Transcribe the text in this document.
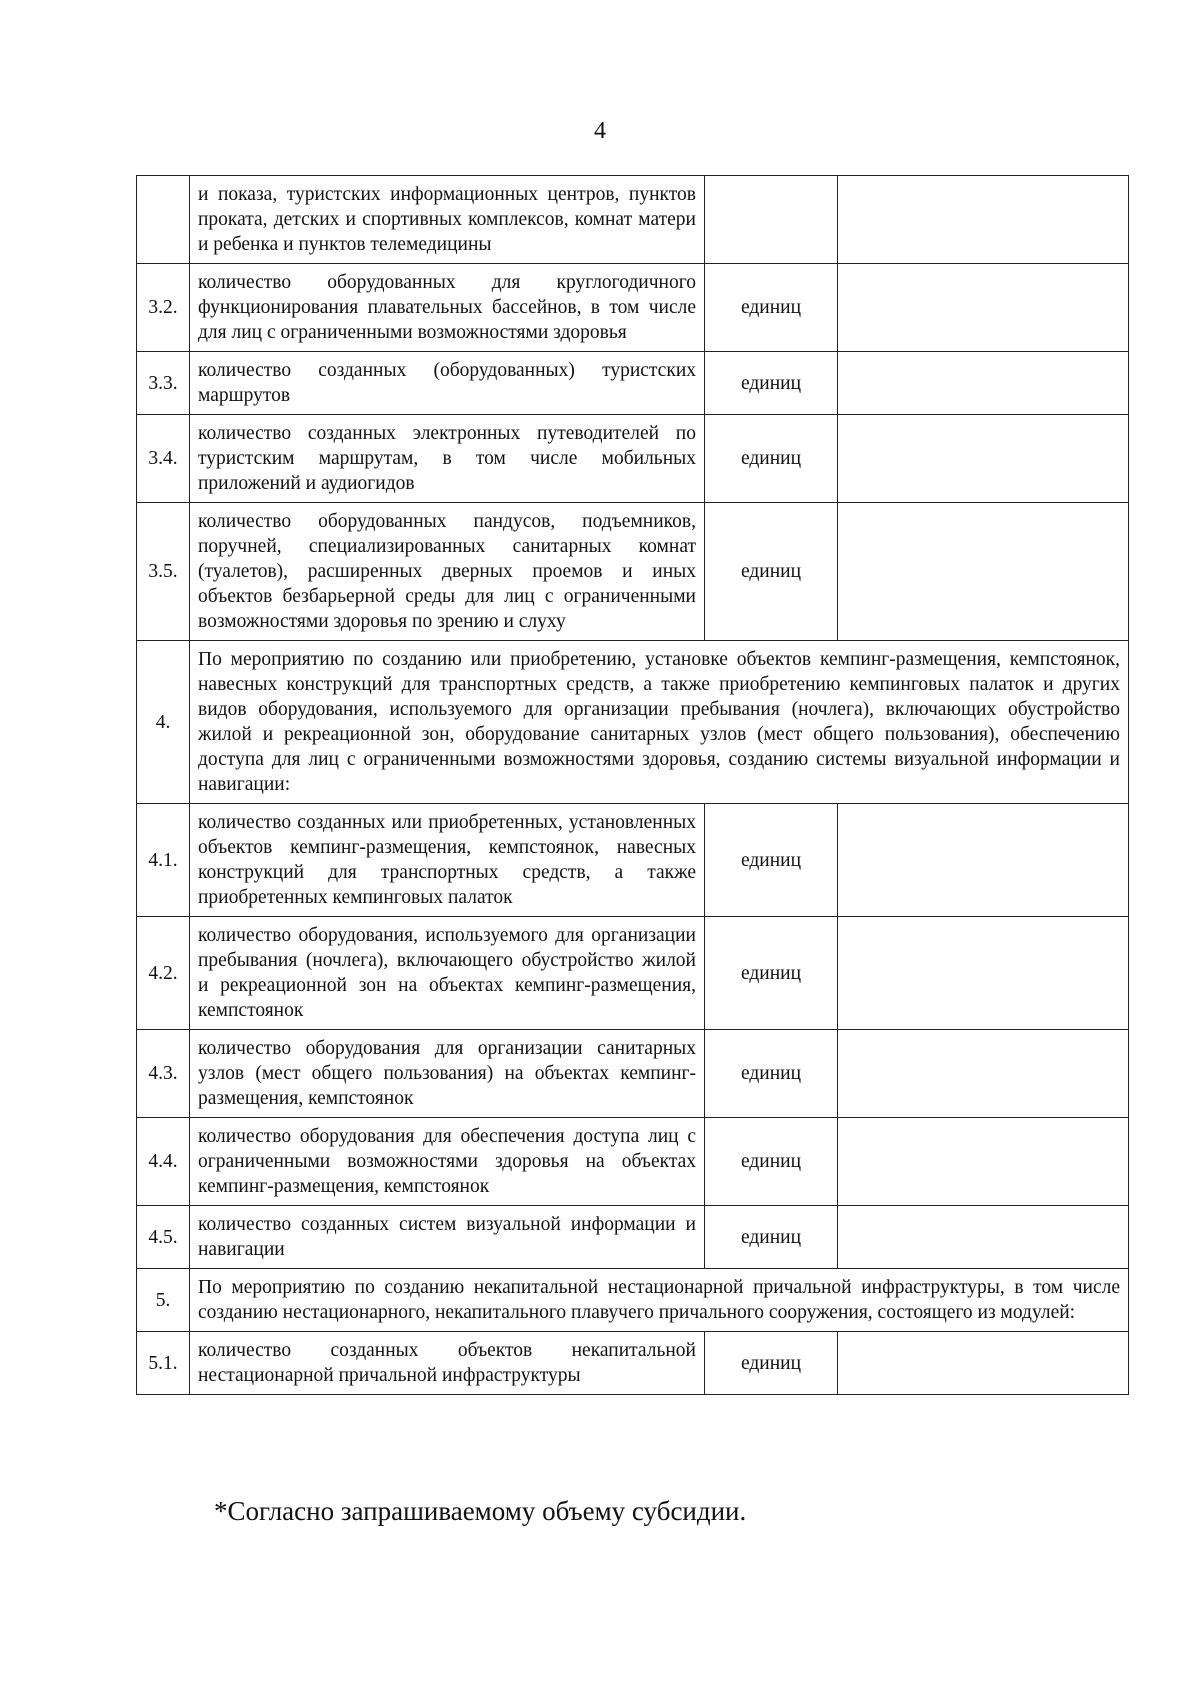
4
	и показа, туристских информационных центров, пунктов проката, детских и спортивных комплексов, комнат матери и ребенка и пунктов телемедицины		
3.2.	количество оборудованных для круглогодичного функционирования плавательных бассейнов, в том числе для лиц с ограниченными возможностями здоровья	единиц	
3.3.	количество созданных (оборудованных) туристских маршрутов	единиц	
3.4.	количество созданных электронных путеводителей по туристским маршрутам, в том числе мобильных приложений и аудиогидов	единиц	
3.5.	количество оборудованных пандусов, подъемников, поручней, специализированных санитарных комнат (туалетов), расширенных дверных проемов и иных объектов безбарьерной среды для лиц с ограниченными возможностями здоровья по зрению и слуху	единиц	
4.	По мероприятию по созданию или приобретению, установке объектов кемпинг-размещения, кемпстоянок, навесных конструкций для транспортных средств, а также приобретению кемпинговых палаток и других видов оборудования, используемого для организации пребывания (ночлега), включающих обустройство жилой и рекреационной зон, оборудование санитарных узлов (мест общего пользования), обеспечению доступа для лиц с ограниченными возможностями здоровья, созданию системы визуальной информации и навигации:		
4.1.	количество созданных или приобретенных, установленных объектов кемпинг-размещения, кемпстоянок, навесных конструкций для транспортных средств, а также приобретенных кемпинговых палаток	единиц	
4.2.	количество оборудования, используемого для организации пребывания (ночлега), включающего обустройство жилой и рекреационной зон на объектах кемпинг-размещения, кемпстоянок	единиц	
4.3.	количество оборудования для организации санитарных узлов (мест общего пользования) на объектах кемпинг-размещения, кемпстоянок	единиц	
4.4.	количество оборудования для обеспечения доступа лиц с ограниченными возможностями здоровья на объектах кемпинг-размещения, кемпстоянок	единиц	
4.5.	количество созданных систем визуальной информации и навигации	единиц	
5.	По мероприятию по созданию некапитальной нестационарной причальной инфраструктуры, в том числе созданию нестационарного, некапитального плавучего причального сооружения, состоящего из модулей:		
5.1.	количество созданных объектов некапитальной нестационарной причальной инфраструктуры	единиц	
*Согласно запрашиваемому объему субсидии.
